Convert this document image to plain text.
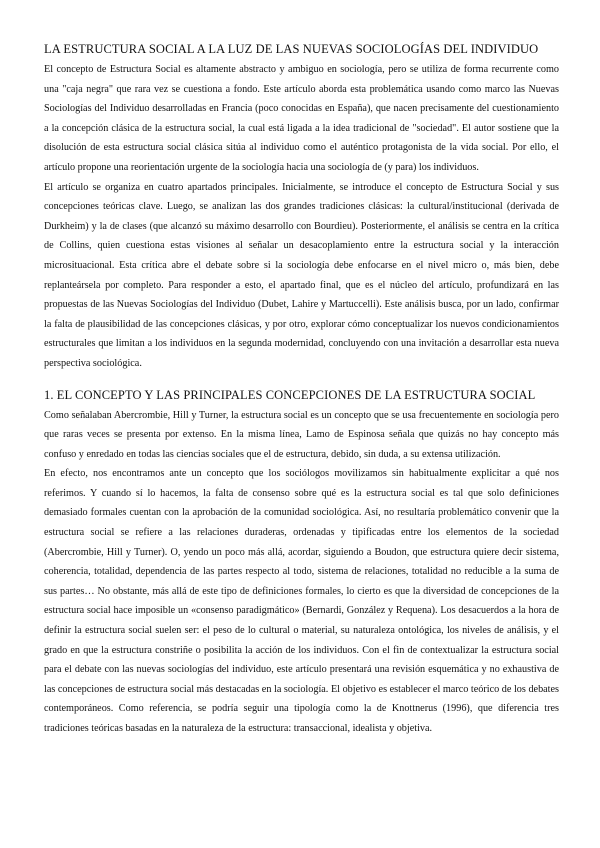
LA ESTRUCTURA SOCIAL A LA LUZ DE LAS NUEVAS SOCIOLOGÍAS DEL INDIVIDUO

El concepto de Estructura Social es altamente abstracto y ambiguo en sociología, pero se utiliza de forma recurrente como una "caja negra" que rara vez se cuestiona a fondo. Este artículo aborda esta problemática usando como marco las Nuevas Sociologías del Individuo desarrolladas en Francia (poco conocidas en España), que nacen precisamente del cuestionamiento a la concepción clásica de la estructura social, la cual está ligada a la idea tradicional de "sociedad". El autor sostiene que la disolución de esta estructura social clásica sitúa al individuo como el auténtico protagonista de la vida social. Por ello, el artículo propone una reorientación urgente de la sociología hacia una sociología de (y para) los individuos.

El artículo se organiza en cuatro apartados principales. Inicialmente, se introduce el concepto de Estructura Social y sus concepciones teóricas clave. Luego, se analizan las dos grandes tradiciones clásicas: la cultural/institucional (derivada de Durkheim) y la de clases (que alcanzó su máximo desarrollo con Bourdieu). Posteriormente, el análisis se centra en la crítica de Collins, quien cuestiona estas visiones al señalar un desacoplamiento entre la estructura social y la interacción microsituacional. Esta crítica abre el debate sobre si la sociología debe enfocarse en el nivel micro o, más bien, debe replanteársela por completo. Para responder a esto, el apartado final, que es el núcleo del artículo, profundizará en las propuestas de las Nuevas Sociologías del Individuo (Dubet, Lahire y Martuccelli). Este análisis busca, por un lado, confirmar la falta de plausibilidad de las concepciones clásicas, y por otro, explorar cómo conceptualizar los nuevos condicionamientos estructurales que limitan a los individuos en la segunda modernidad, concluyendo con una invitación a desarrollar esta nueva perspectiva sociológica.

1. EL CONCEPTO Y LAS PRINCIPALES CONCEPCIONES DE LA ESTRUCTURA SOCIAL

Como señalaban Abercrombie, Hill y Turner, la estructura social es un concepto que se usa frecuentemente en sociología pero que raras veces se presenta por extenso. En la misma línea, Lamo de Espinosa señala que quizás no hay concepto más confuso y enredado en todas las ciencias sociales que el de estructura, debido, sin duda, a su extensa utilización.

En efecto, nos encontramos ante un concepto que los sociólogos movilizamos sin habitualmente explicitar a qué nos referimos. Y cuando sí lo hacemos, la falta de consenso sobre qué es la estructura social es tal que solo definiciones demasiado formales cuentan con la aprobación de la comunidad sociológica. Así, no resultaría problemático convenir que la estructura social se refiere a las relaciones duraderas, ordenadas y tipificadas entre los elementos de la sociedad (Abercrombie, Hill y Turner). O, yendo un poco más allá, acordar, siguiendo a Boudon, que estructura quiere decir sistema, coherencia, totalidad, dependencia de las partes respecto al todo, sistema de relaciones, totalidad no reducible a la suma de sus partes… No obstante, más allá de este tipo de definiciones formales, lo cierto es que la diversidad de concepciones de la estructura social hace imposible un «consenso paradigmático» (Bernardi, González y Requena). Los desacuerdos a la hora de definir la estructura social suelen ser: el peso de lo cultural o material, su naturaleza ontológica, los niveles de análisis, y el grado en que la estructura constriñe o posibilita la acción de los individuos. Con el fin de contextualizar la estructura social para el debate con las nuevas sociologías del individuo, este artículo presentará una revisión esquemática y no exhaustiva de las concepciones de estructura social más destacadas en la sociología. El objetivo es establecer el marco teórico de los debates contemporáneos. Como referencia, se podría seguir una tipología como la de Knottnerus (1996), que diferencia tres tradiciones teóricas basadas en la naturaleza de la estructura: transaccional, idealista y objetiva.
